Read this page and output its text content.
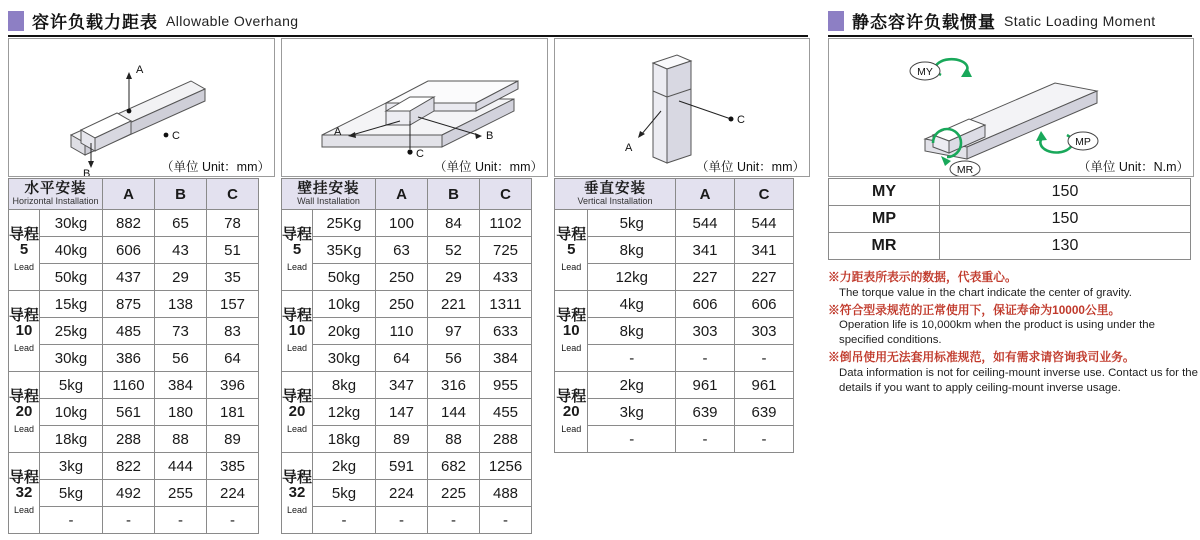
容许负载力距表 Allowable Overhang	静态容许负载惯量 Static Loading Moment
A
C
B	（单位 Unit：mm）
A	B
C
（单位 Unit：mm）
C
A
（单位 Unit：mm）
MY
MP
MR	（单位 Unit：N.m）
水平安装
Horizontal Installation		A	B	C
导程
5
Lead	30kg	882	65	78
	40kg	606	43	51
	50kg	437	29	35
导程
10
Lead	15kg	875	138	157
	25kg	485	73	83
	30kg	386	56	64
导程
20
Lead	5kg	1160	384	396
	10kg	561	180	181
	18kg	288	88	89
导程
32
Lead	3kg	822	444	385
	5kg	492	255	224
	-	-	-	-
壁挂安装
Wall Installation		A	B	C
导程
5
Lead	25Kg	100	84	1102
	35Kg	63	52	725
	50kg	250	29	433
导程
10
Lead	10kg	250	221	1311
	20kg	110	97	633
	30kg	64	56	384
导程
20
Lead	8kg	347	316	955
	12kg	147	144	455
	18kg	89	88	288
导程
32
Lead	2kg	591	682	1256
	5kg	224	225	488
	-	-	-	-
垂直安装
Vertical Installation		A	C
导程
5
Lead	5kg	544	544
	8kg	341	341
	12kg	227	227
导程
10
Lead	4kg	606	606
	8kg	303	303
	-	-	-
导程
20
Lead	2kg	961	961
	3kg	639	639
	-	-	-
MY	150
MP	150
MR	130
※力距表所表示的数据，代表重心。
The torque value in the chart indicate the center of gravity.
※符合型录规范的正常使用下，保证寿命为10000公里。
Operation life is 10,000km when the product is using under the specified conditions.
※倒吊使用无法套用标准规范，如有需求请咨询我司业务。
Data information is not for ceiling-mount inverse use. Contact us for the details if you want to apply ceiling-mount inverse usage.
